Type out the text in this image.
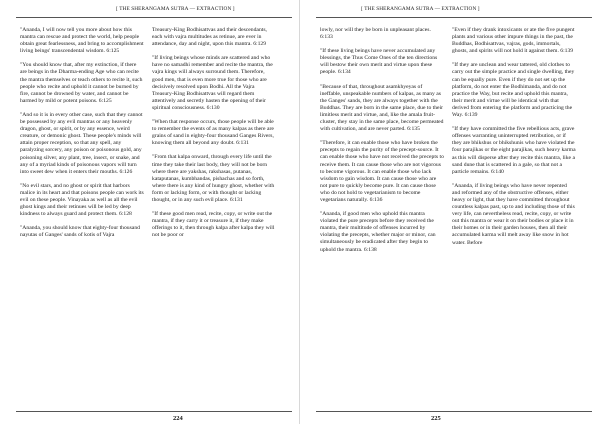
[ THE SHERANGAMA SUTRA — EXTRACTION ]

"Ananda, I will now tell you more about how this mantra can rescue and protect the world, help people obtain great fearlessness, and bring to accomplishment living beings' transcendental wisdom. 6:125

"You should know that, after my extinction, if there are beings in the Dharma-ending Age who can recite the mantra themselves or teach others to recite it, such people who recite and uphold it cannot be burned by fire, cannot be drowned by water, and cannot be harmed by mild or potent poisons. 6:125

"And so it is in every other case, such that they cannot be possessed by any evil mantras or any heavenly dragon, ghost, or spirit, or by any essence, weird creature, or demonic ghost. These people's minds will attain proper reception, so that any spell, any paralyzing sorcery, any poison or poisonous gold, any poisoning silver, any plant, tree, insect, or snake, and any of a myriad kinds of poisonous vapors will turn into sweet dew when it enters their mouths. 6:126

"No evil stars, and no ghost or spirit that harbors malice in its heart and that poisons people can work its evil on these people. Vinayaka as well as all the evil ghost kings and their retinues will be led by deep kindness to always guard and protect them. 6:128

"Ananda, you should know that eighty-four thousand nayutas of Ganges' sands of kotis of Vajra

Treasury-King Bodhisattvas and their descendants, each with vajra multitudes as retinue, are ever in attendance, day and night, upon this mantra. 6:129

"If living beings whose minds are scattered and who have no samadhi remember and recite the mantra, the vajra kings will always surround them. Therefore, good men, that is even more true for those who are decisively resolved upon Bodhi. All the Vajra Treasury-King Bodhisattvas will regard them attentively and secretly hasten the opening of their spiritual consciousness. 6:130

"When that response occurs, those people will be able to remember the events of as many kalpas as there are grains of sand in eighty-four thousand Ganges Rivers, knowing them all beyond any doubt. 6:131

"From that kalpa onward, through every life until the time they take their last body, they will not be born where there are yakshas, rakshasas, putanas, kataputanas, kumbhandas, pishachas and so forth, where there is any kind of hungry ghost, whether with form or lacking form, or with thought or lacking thought, or in any such evil place. 6:131

"If these good men read, recite, copy, or write out the mantra, if they carry it or treasure it, if they make offerings to it, then through kalpa after kalpa they will not be poor or

224
[ THE SHERANGAMA SUTRA — EXTRACTION ]

lowly, nor will they be born in unpleasant places. 6:133

"If these living beings have never accumulated any blessings, the Thus Come Ones of the ten directions will bestow their own merit and virtue upon these people. 6:134

"Because of that, throughout asamkhyeyas of ineffable, unspeakable numbers of kalpas, as many as the Ganges' sands, they are always together with the Buddhas. They are born in the same place, due to their limitless merit and virtue, and, like the amala fruit-cluster, they stay in the same place, become permeated with cultivation, and are never parted. 6:135

"Therefore, it can enable those who have broken the precepts to regain the purity of the precept-source. It can enable those who have not received the precepts to receive them. It can cause those who are not vigorous to become vigorous. It can enable those who lack wisdom to gain wisdom. It can cause those who are not pure to quickly become pure. It can cause those who do not hold to vegetarianism to become vegetarians naturally. 6:136

"Ananda, if good men who uphold this mantra violated the pure precepts before they received the mantra, their multitude of offenses incurred by violating the precepts, whether major or minor, can simultaneously be eradicated after they begin to uphold the mantra. 6:138

"Even if they drank intoxicants or ate the five pungent plants and various other impure things in the past, the Buddhas, Bodhisattvas, vajras, gods, immortals, ghosts, and spirits will not hold it against them. 6:139

"If they are unclean and wear tattered, old clothes to carry out the simple practice and single dwelling, they can be equally pure. Even if they do not set up the platform, do not enter the Bodhimanda, and do not practice the Way, but recite and uphold this mantra, their merit and virtue will be identical with that derived from entering the platform and practicing the Way. 6:139

"If they have committed the five rebellious acts, grave offenses warranting uninterrupted retribution, or if they are bhikshus or bhikshunis who have violated the four parajikas or the eight parajikas, such heavy karma as this will disperse after they recite this mantra, like a sand dune that is scattered in a gale, so that not a particle remains. 6:140

"Ananda, if living beings who have never repented and reformed any of the obstructive offenses, either heavy or light, that they have committed throughout countless kalpas past, up to and including those of this very life, can nevertheless read, recite, copy, or write out this mantra or wear it on their bodies or place it in their homes or in their garden houses, then all their accumulated karma will melt away like snow in hot water. Before

225
